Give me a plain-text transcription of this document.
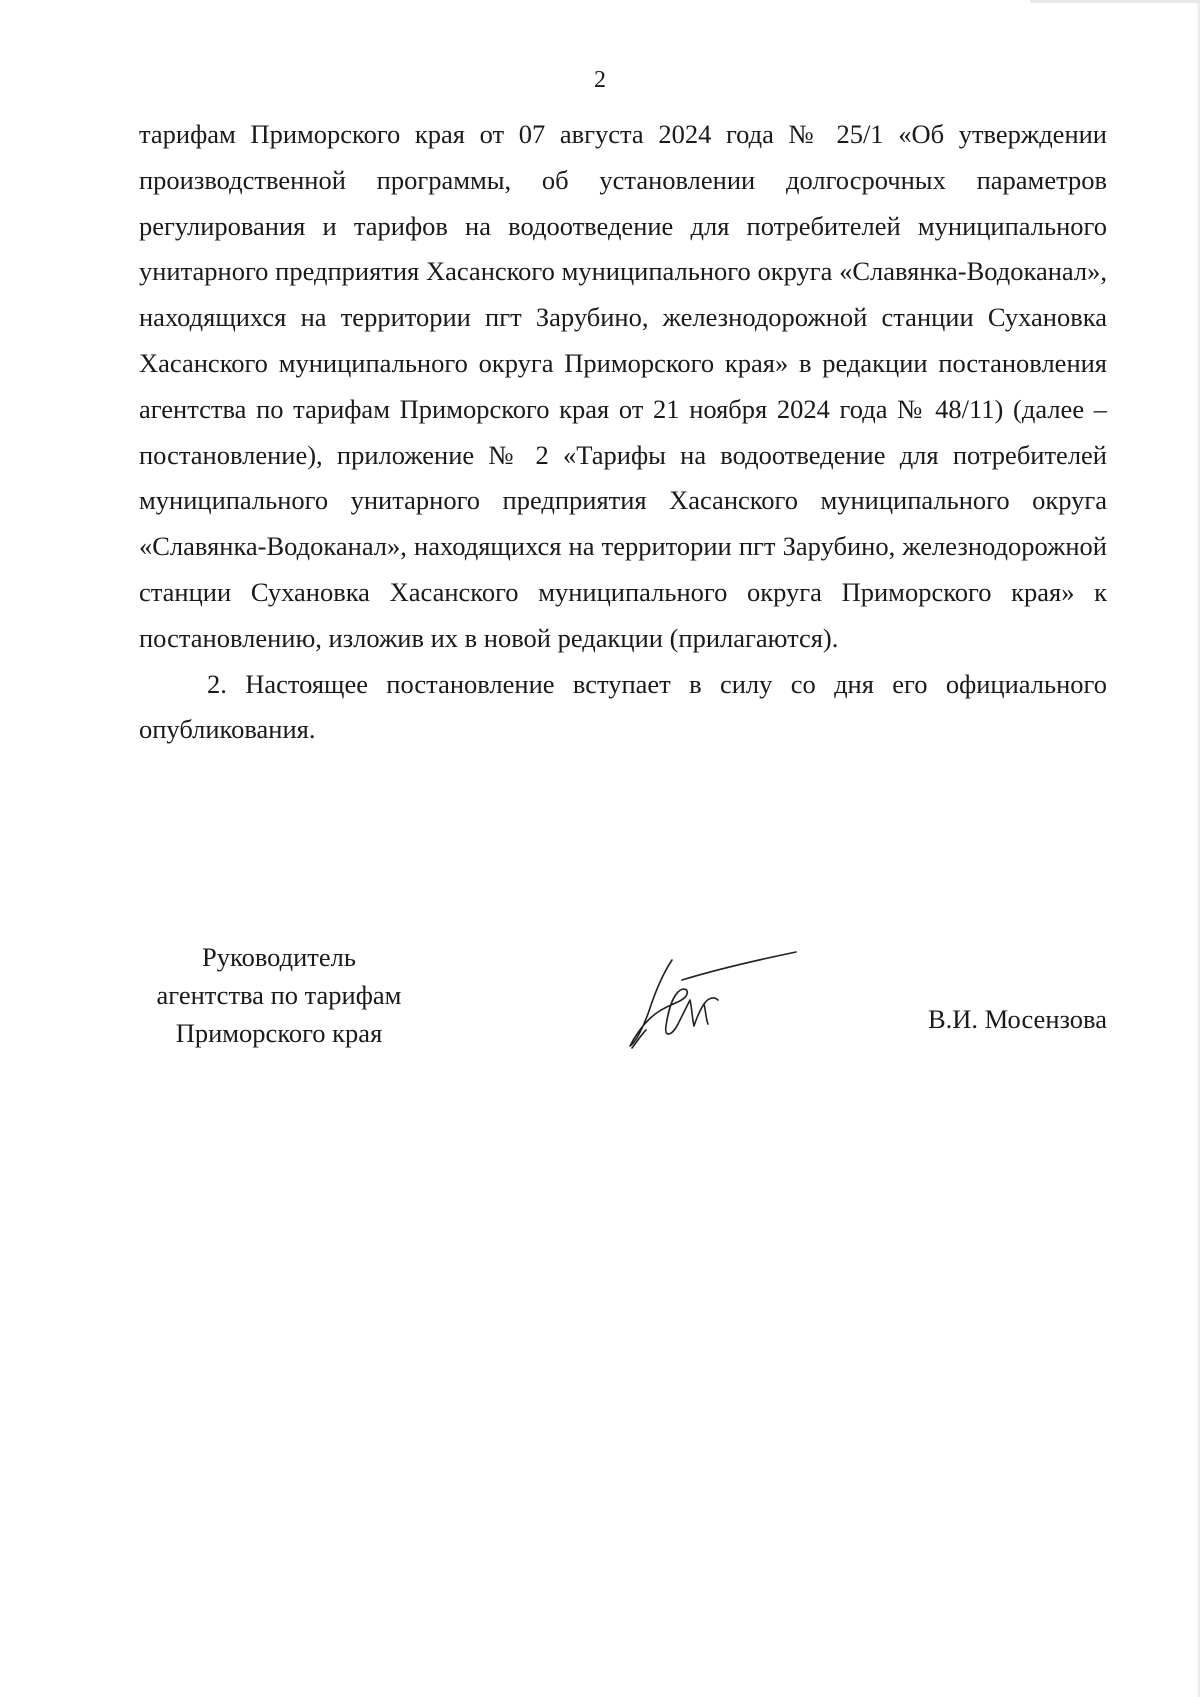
2

тарифам Приморского края от 07 августа 2024 года № 25/1 «Об утверждении производственной программы, об установлении долгосрочных параметров регулирования и тарифов на водоотведение для потребителей муниципального унитарного предприятия Хасанского муниципального округа «Славянка-Водоканал», находящихся на территории пгт Зарубино, железнодорожной станции Сухановка Хасанского муниципального округа Приморского края» в редакции постановления агентства по тарифам Приморского края от 21 ноября 2024 года № 48/11) (далее – постановление), приложение № 2 «Тарифы на водоотведение для потребителей муниципального унитарного предприятия Хасанского муниципального округа «Славянка-Водоканал», находящихся на территории пгт Зарубино, железнодорожной станции Сухановка Хасанского муниципального округа Приморского края» к постановлению, изложив их в новой редакции (прилагаются).

2. Настоящее постановление вступает в силу со дня его официального опубликования.

Руководитель
агентства по тарифам
Приморского края	В.И. Мосензова
